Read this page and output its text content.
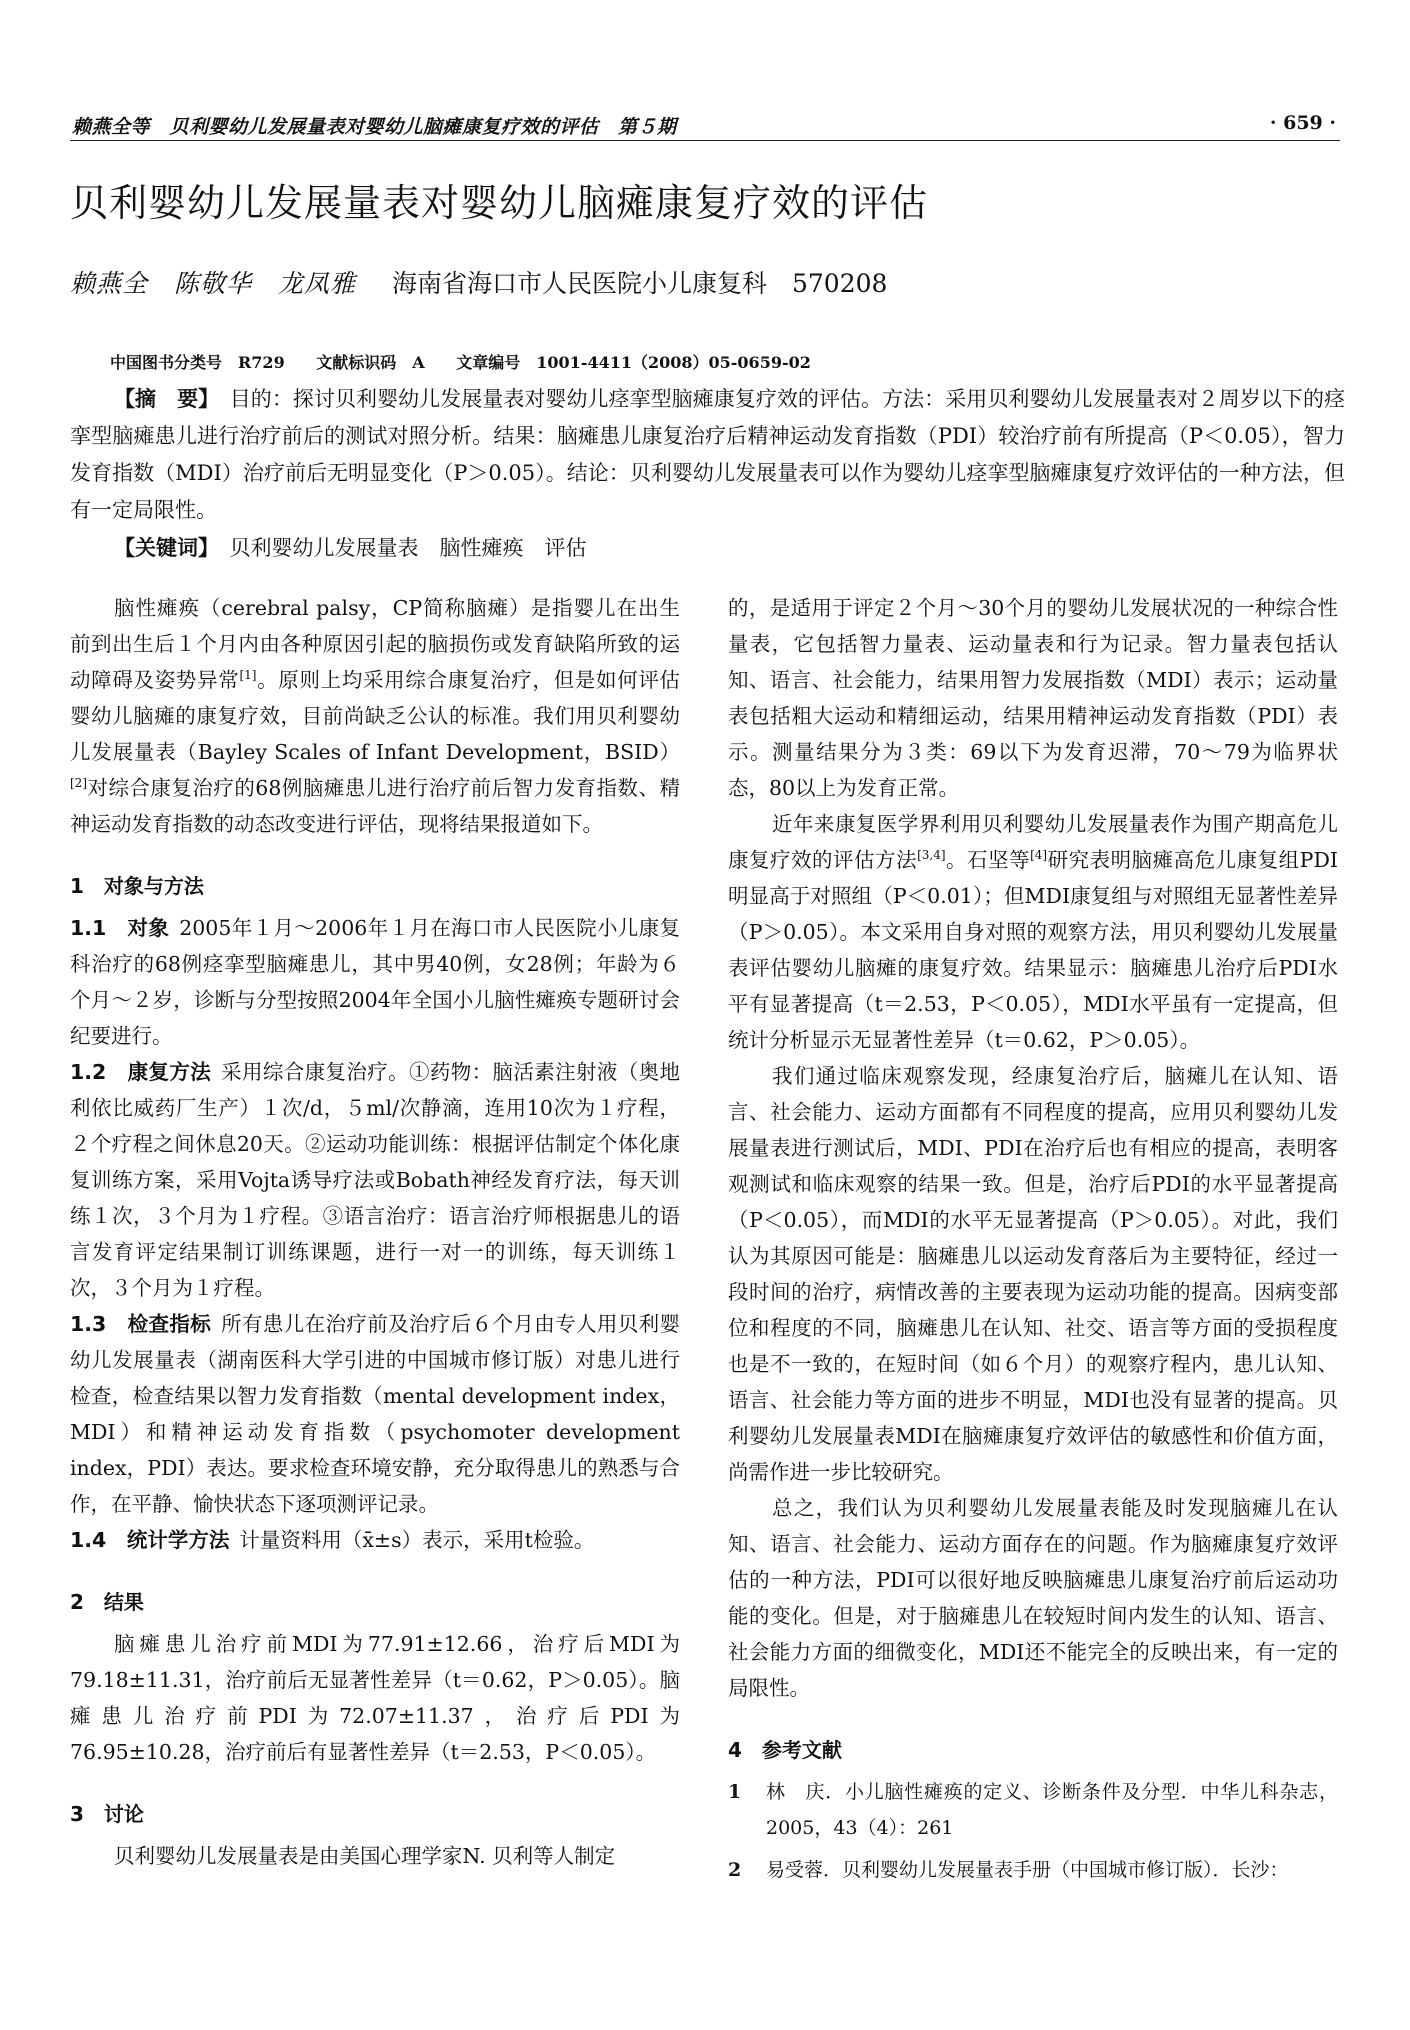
赖燕全等　贝利婴幼儿发展量表对婴幼儿脑瘫康复疗效的评估　第５期	· 659 ·
贝利婴幼儿发展量表对婴幼儿脑瘫康复疗效的评估
赖燕全　陈敬华　龙凤雅 海南省海口市人民医院小儿康复科　570208
中国图书分类号　R729 文献标识码　A 文章编号　1001-4411（2008）05-0659-02

【摘　要】　 目的：探讨贝利婴幼儿发展量表对婴幼儿痉挛型脑瘫康复疗效的评估。方法：采用贝利婴幼儿发展量表对２周岁以下的痉挛型脑瘫患儿进行治疗前后的测试对照分析。结果：脑瘫患儿康复治疗后精神运动发育指数（PDI）较治疗前有所提高（P＜0.05），智力发育指数（MDI）治疗前后无明显变化（P＞0.05）。结论：贝利婴幼儿发展量表可以作为婴幼儿痉挛型脑瘫康复疗效评估的一种方法，但有一定局限性。

【关键词】　 贝利婴幼儿发展量表　脑性瘫痪　评估

脑性瘫痪（cerebral palsy，CP简称脑瘫）是指婴儿在出生前到出生后１个月内由各种原因引起的脑损伤或发育缺陷所致的运动障碍及姿势异常[1]。原则上均采用综合康复治疗，但是如何评估婴幼儿脑瘫的康复疗效，目前尚缺乏公认的标准。我们用贝利婴幼儿发展量表（Bayley Scales of Infant Development，BSID）[2]对综合康复治疗的68例脑瘫患儿进行治疗前后智力发育指数、精神运动发育指数的动态改变进行评估，现将结果报道如下。

1　对象与方法

1.1　对象 2005年１月～2006年１月在海口市人民医院小儿康复科治疗的68例痉挛型脑瘫患儿，其中男40例，女28例；年龄为６个月～２岁，诊断与分型按照2004年全国小儿脑性瘫痪专题研讨会纪要进行。

1.2　康复方法 采用综合康复治疗。①药物：脑活素注射液（奥地利依比威药厂生产）１次/d，５ml/次静滴，连用10次为１疗程，２个疗程之间休息20天。②运动功能训练：根据评估制定个体化康复训练方案，采用Vojta诱导疗法或Bobath神经发育疗法，每天训练１次，３个月为１疗程。③语言治疗：语言治疗师根据患儿的语言发育评定结果制订训练课题，进行一对一的训练，每天训练１次，３个月为１疗程。

1.3　检查指标 所有患儿在治疗前及治疗后６个月由专人用贝利婴幼儿发展量表（湖南医科大学引进的中国城市修订版）对患儿进行检查，检查结果以智力发育指数（mental development index，MDI）和精神运动发育指数（psychomoter development index，PDI）表达。要求检查环境安静，充分取得患儿的熟悉与合作，在平静、愉快状态下逐项测评记录。

1.4　统计学方法 计量资料用（x̄±s）表示，采用t检验。

2　结果

脑瘫患儿治疗前MDI为77.91±12.66，治疗后MDI为79.18±11.31，治疗前后无显著性差异（t＝0.62，P＞0.05）。脑瘫患儿治疗前PDI为72.07±11.37，治疗后PDI为76.95±10.28，治疗前后有显著性差异（t＝2.53，P＜0.05）。

3　讨论

贝利婴幼儿发展量表是由美国心理学家N. 贝利等人制定

的，是适用于评定２个月～30个月的婴幼儿发展状况的一种综合性量表，它包括智力量表、运动量表和行为记录。智力量表包括认知、语言、社会能力，结果用智力发展指数（MDI）表示；运动量表包括粗大运动和精细运动，结果用精神运动发育指数（PDI）表示。测量结果分为３类：69以下为发育迟滞，70～79为临界状态，80以上为发育正常。

近年来康复医学界利用贝利婴幼儿发展量表作为围产期高危儿康复疗效的评估方法[3,4]。石坚等[4]研究表明脑瘫高危儿康复组PDI明显高于对照组（P＜0.01）；但MDI康复组与对照组无显著性差异（P＞0.05）。本文采用自身对照的观察方法，用贝利婴幼儿发展量表评估婴幼儿脑瘫的康复疗效。结果显示：脑瘫患儿治疗后PDI水平有显著提高（t＝2.53，P＜0.05），MDI水平虽有一定提高，但统计分析显示无显著性差异（t＝0.62，P＞0.05）。

我们通过临床观察发现，经康复治疗后，脑瘫儿在认知、语言、社会能力、运动方面都有不同程度的提高，应用贝利婴幼儿发展量表进行测试后，MDI、PDI在治疗后也有相应的提高，表明客观测试和临床观察的结果一致。但是，治疗后PDI的水平显著提高（P＜0.05），而MDI的水平无显著提高（P＞0.05）。对此，我们认为其原因可能是：脑瘫患儿以运动发育落后为主要特征，经过一段时间的治疗，病情改善的主要表现为运动功能的提高。因病变部位和程度的不同，脑瘫患儿在认知、社交、语言等方面的受损程度也是不一致的，在短时间（如６个月）的观察疗程内，患儿认知、语言、社会能力等方面的进步不明显，MDI也没有显著的提高。贝利婴幼儿发展量表MDI在脑瘫康复疗效评估的敏感性和价值方面，尚需作进一步比较研究。

总之，我们认为贝利婴幼儿发展量表能及时发现脑瘫儿在认知、语言、社会能力、运动方面存在的问题。作为脑瘫康复疗效评估的一种方法，PDI可以很好地反映脑瘫患儿康复治疗前后运动功能的变化。但是，对于脑瘫患儿在较短时间内发生的认知、语言、社会能力方面的细微变化，MDI还不能完全的反映出来，有一定的局限性。

4　参考文献

1	林　庆．小儿脑性瘫痪的定义、诊断条件及分型．中华儿科杂志，2005，43（4）：261
2	易受蓉．贝利婴幼儿发展量表手册（中国城市修订版）．长沙：
